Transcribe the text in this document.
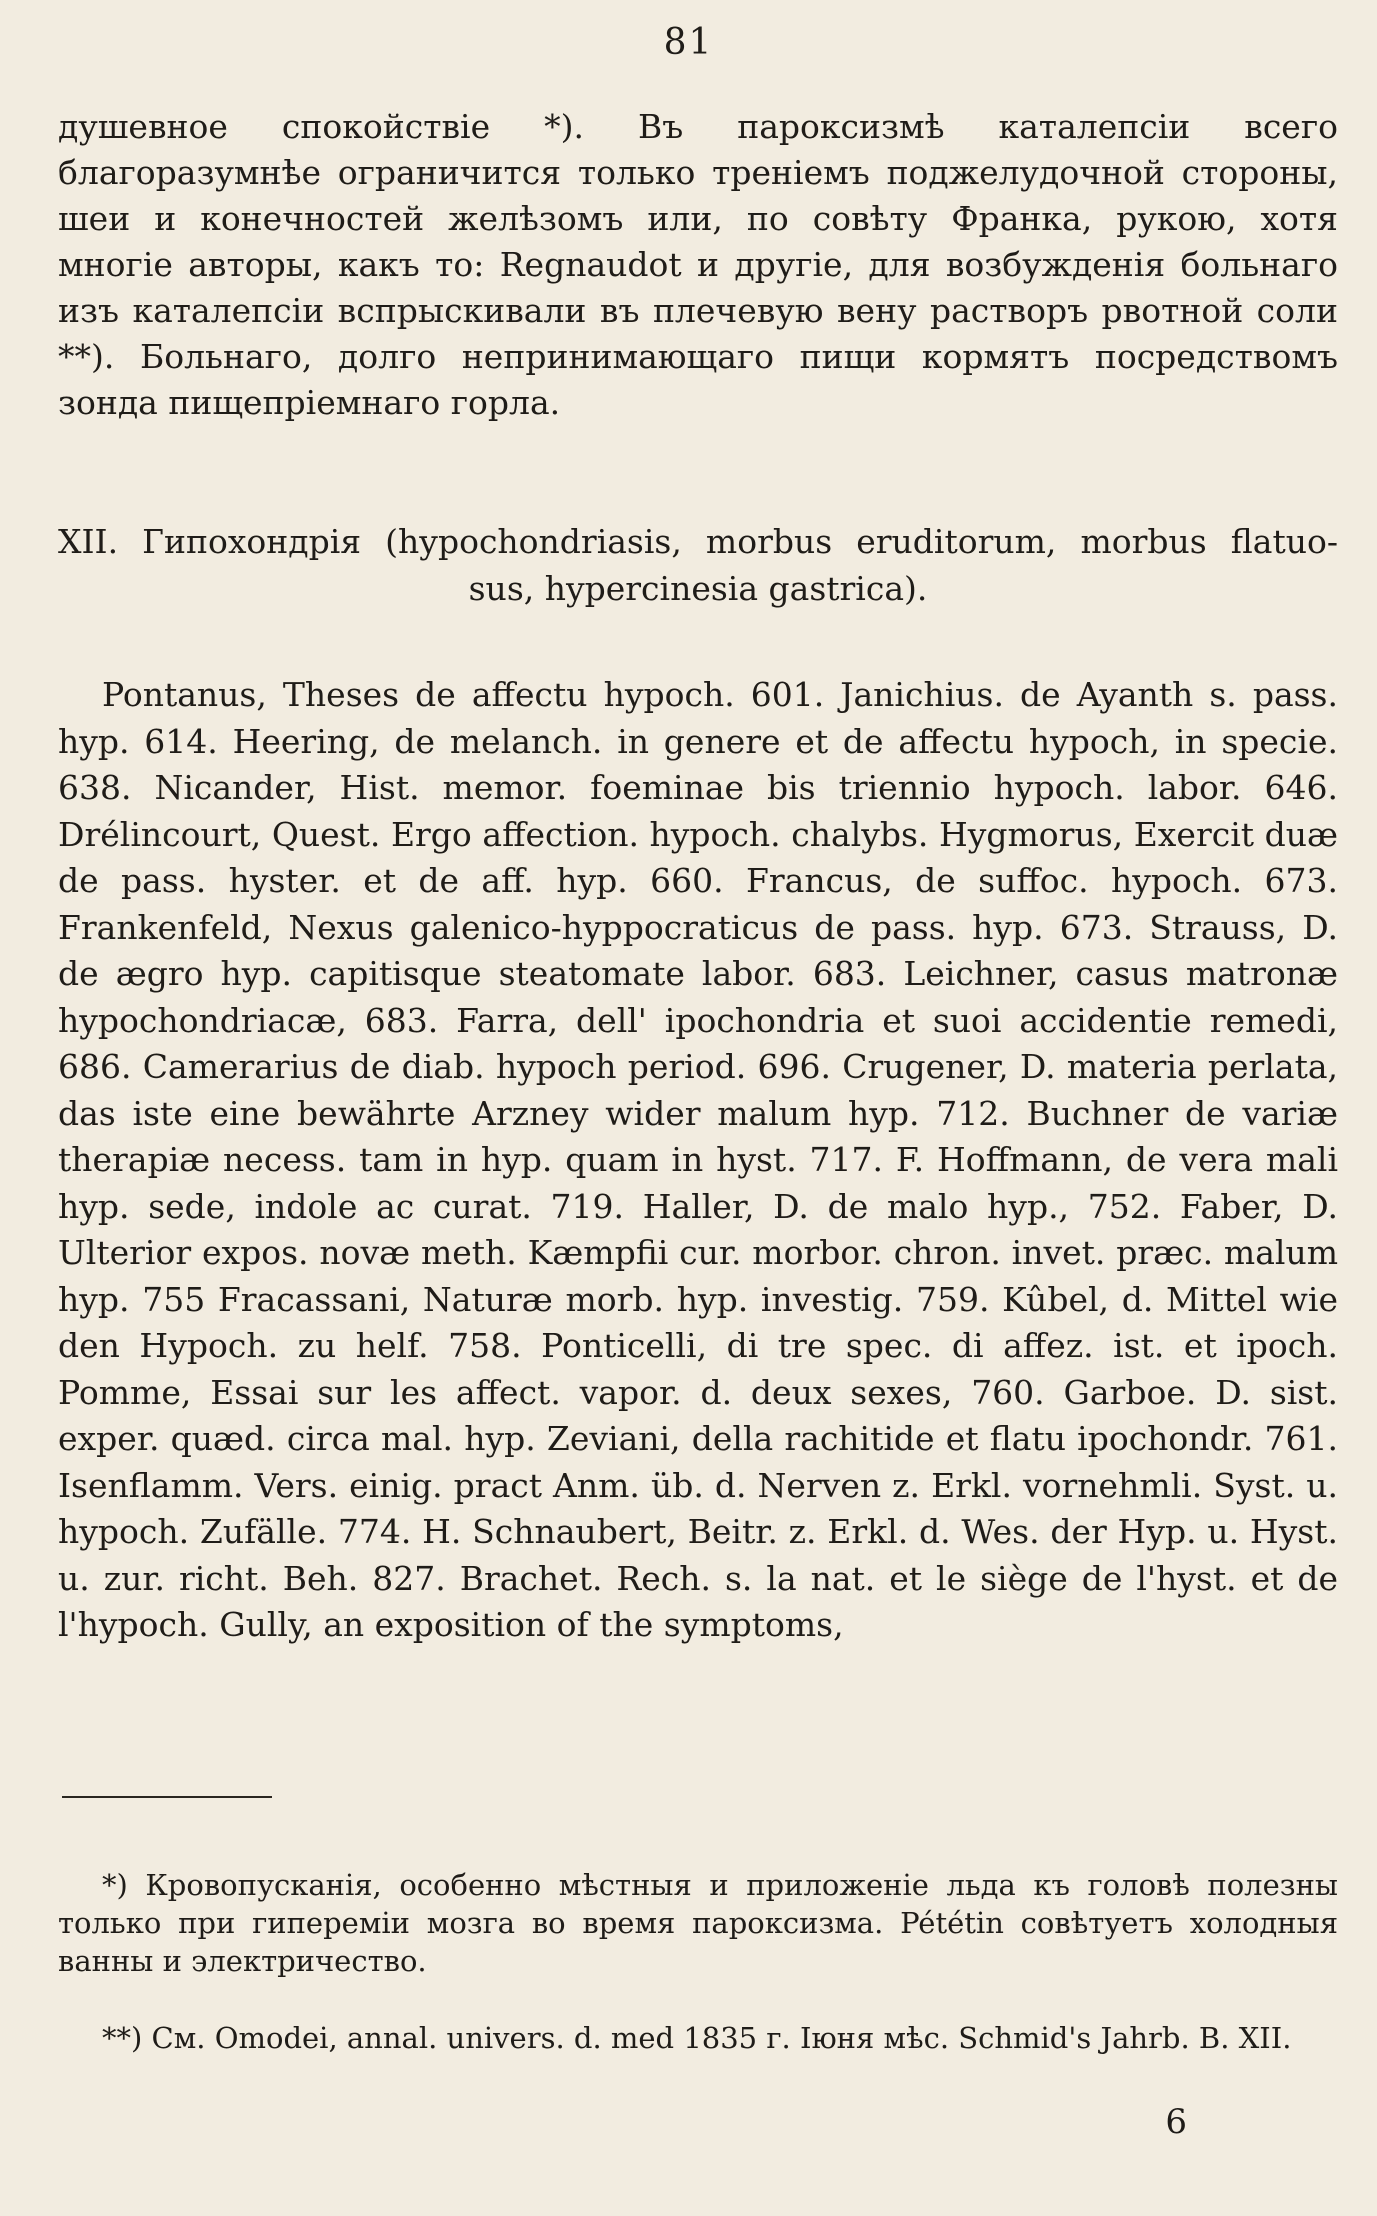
81

душевное спокойствіе *). Въ пароксизмѣ каталепсіи всего благоразумнѣе ограничится только треніемъ поджелудочной стороны, шеи и конечностей желѣзомъ или, по совѣту Франка, рукою, хотя многіе авторы, какъ то: Regnaudot и другіе, для возбужденія больнаго изъ каталепсіи вспрыскивали въ плечевую вену растворъ рвотной соли **). Больнаго, долго непринимающаго пищи кормятъ посредствомъ зонда пищепріемнаго горла.

XII. Гипохондрія (hypochondriasis, morbus eruditorum, morbus flatuo-
sus, hypercinesia gastrica).

Pontanus, Theses de affectu hypoch. 601. Janichius. de Ayanth s. pass. hyp. 614. Heering, de melanch. in genere et de affectu hypoch, in specie. 638. Nicander, Hist. memor. foeminae bis triennio hypoch. labor. 646. Drélincourt, Quest. Ergo affection. hypoch. chalybs. Hygmorus, Exercit duæ de pass. hyster. et de aff. hyp. 660. Francus, de suffoc. hypoch. 673. Frankenfeld, Nexus galenico-hyppocraticus de pass. hyp. 673. Strauss, D. de ægro hyp. capitisque steatomate labor. 683. Leichner, casus matronæ hypochondriacæ, 683. Farra, dell' ipochondria et suoi accidentie remedi, 686. Camerarius de diab. hypoch period. 696. Crugener, D. materia perlata, das iste eine bewährte Arzney wider malum hyp. 712. Buchner de variæ therapiæ necess. tam in hyp. quam in hyst. 717. F. Hoffmann, de vera mali hyp. sede, indole ac curat. 719. Haller, D. de malo hyp., 752. Faber, D. Ulterior expos. novæ meth. Kæmpfii cur. morbor. chron. invet. præc. malum hyp. 755 Fracassani, Naturæ morb. hyp. investig. 759. Kûbel, d. Mittel wie den Hypoch. zu helf. 758. Ponticelli, di tre spec. di affez. ist. et ipoch. Pomme, Essai sur les affect. vapor. d. deux sexes, 760. Garboe. D. sist. exper. quæd. circa mal. hyp. Zeviani, della rachitide et flatu ipochondr. 761. Isenflamm. Vers. einig. pract Anm. üb. d. Nerven z. Erkl. vornehmli. Syst. u. hypoch. Zufälle. 774. H. Schnaubert, Beitr. z. Erkl. d. Wes. der Hyp. u. Hyst. u. zur. richt. Beh. 827. Brachet. Rech. s. la nat. et le siège de l'hyst. et de l'hypoch. Gully, an exposition of the symptoms,

*) Кровопусканія, особенно мѣстныя и приложеніе льда къ головѣ полезны только при гипереміи мозга во время пароксизма. Pététin совѣтуетъ холодныя ванны и электричество.

**) См. Omodei, annal. univers. d. med 1835 г. Іюня мѣс. Schmid's Jahrb. B. XII.

6
